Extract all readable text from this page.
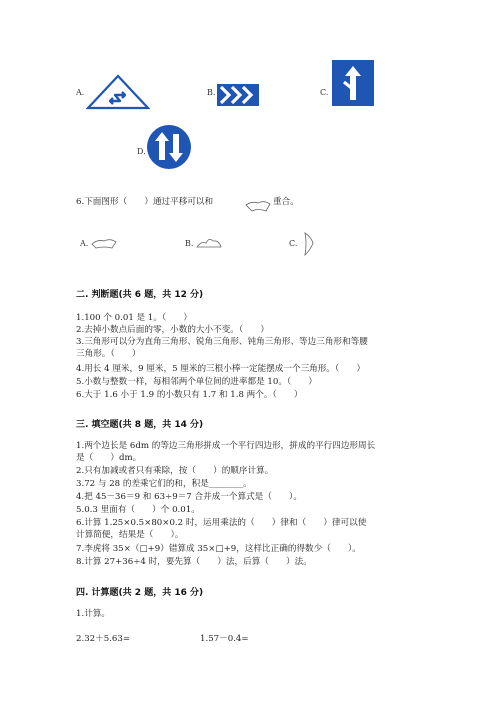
A.	B.	C.
D.
6.下面图形（　　）通过平移可以和	重合。
A.	B.	C.
二. 判断题(共 6 题，共 12 分)
1.100 个 0.01 是 1。（　　）
2.去掉小数点后面的零，小数的大小不变。（　　）
3.三角形可以分为直角三角形、锐角三角形、钝角三角形、等边三角形和等腰
三角形。（　　）
4.用长 4 厘米，9 厘米，5 厘米的三根小棒一定能摆成一个三角形。（　　）
5.小数与整数一样，每相邻两个单位间的进率都是 10。（　　）
6.大于 1.6 小于 1.9 的小数只有 1.7 和 1.8 两个。（　　）
三. 填空题(共 8 题，共 14 分)
1.两个边长是 6dm 的等边三角形拼成一个平行四边形，拼成的平行四边形周长
是（　　）dm。
2.只有加减或者只有乘除，按（　　）的顺序计算。
3.72 与 28 的差乘它们的和，积是________。
4.把 45－36＝9 和 63÷9＝7 合并成一个算式是（　　）。
5.0.3 里面有（　　）个 0.01。
6.计算 1.25×0.5×80×0.2 时，运用乘法的（　　）律和（　　）律可以使
计算简便，结果是（　　）。
7.李虎将 35×（□+9）错算成 35×□+9，这样比正确的得数少（　　）。
8.计算 27+36÷4 时，要先算（　　）法，后算（　　）法。
四. 计算题(共 2 题，共 16 分)
1.计算。
2.32＋5.63=	1.57－0.4=
